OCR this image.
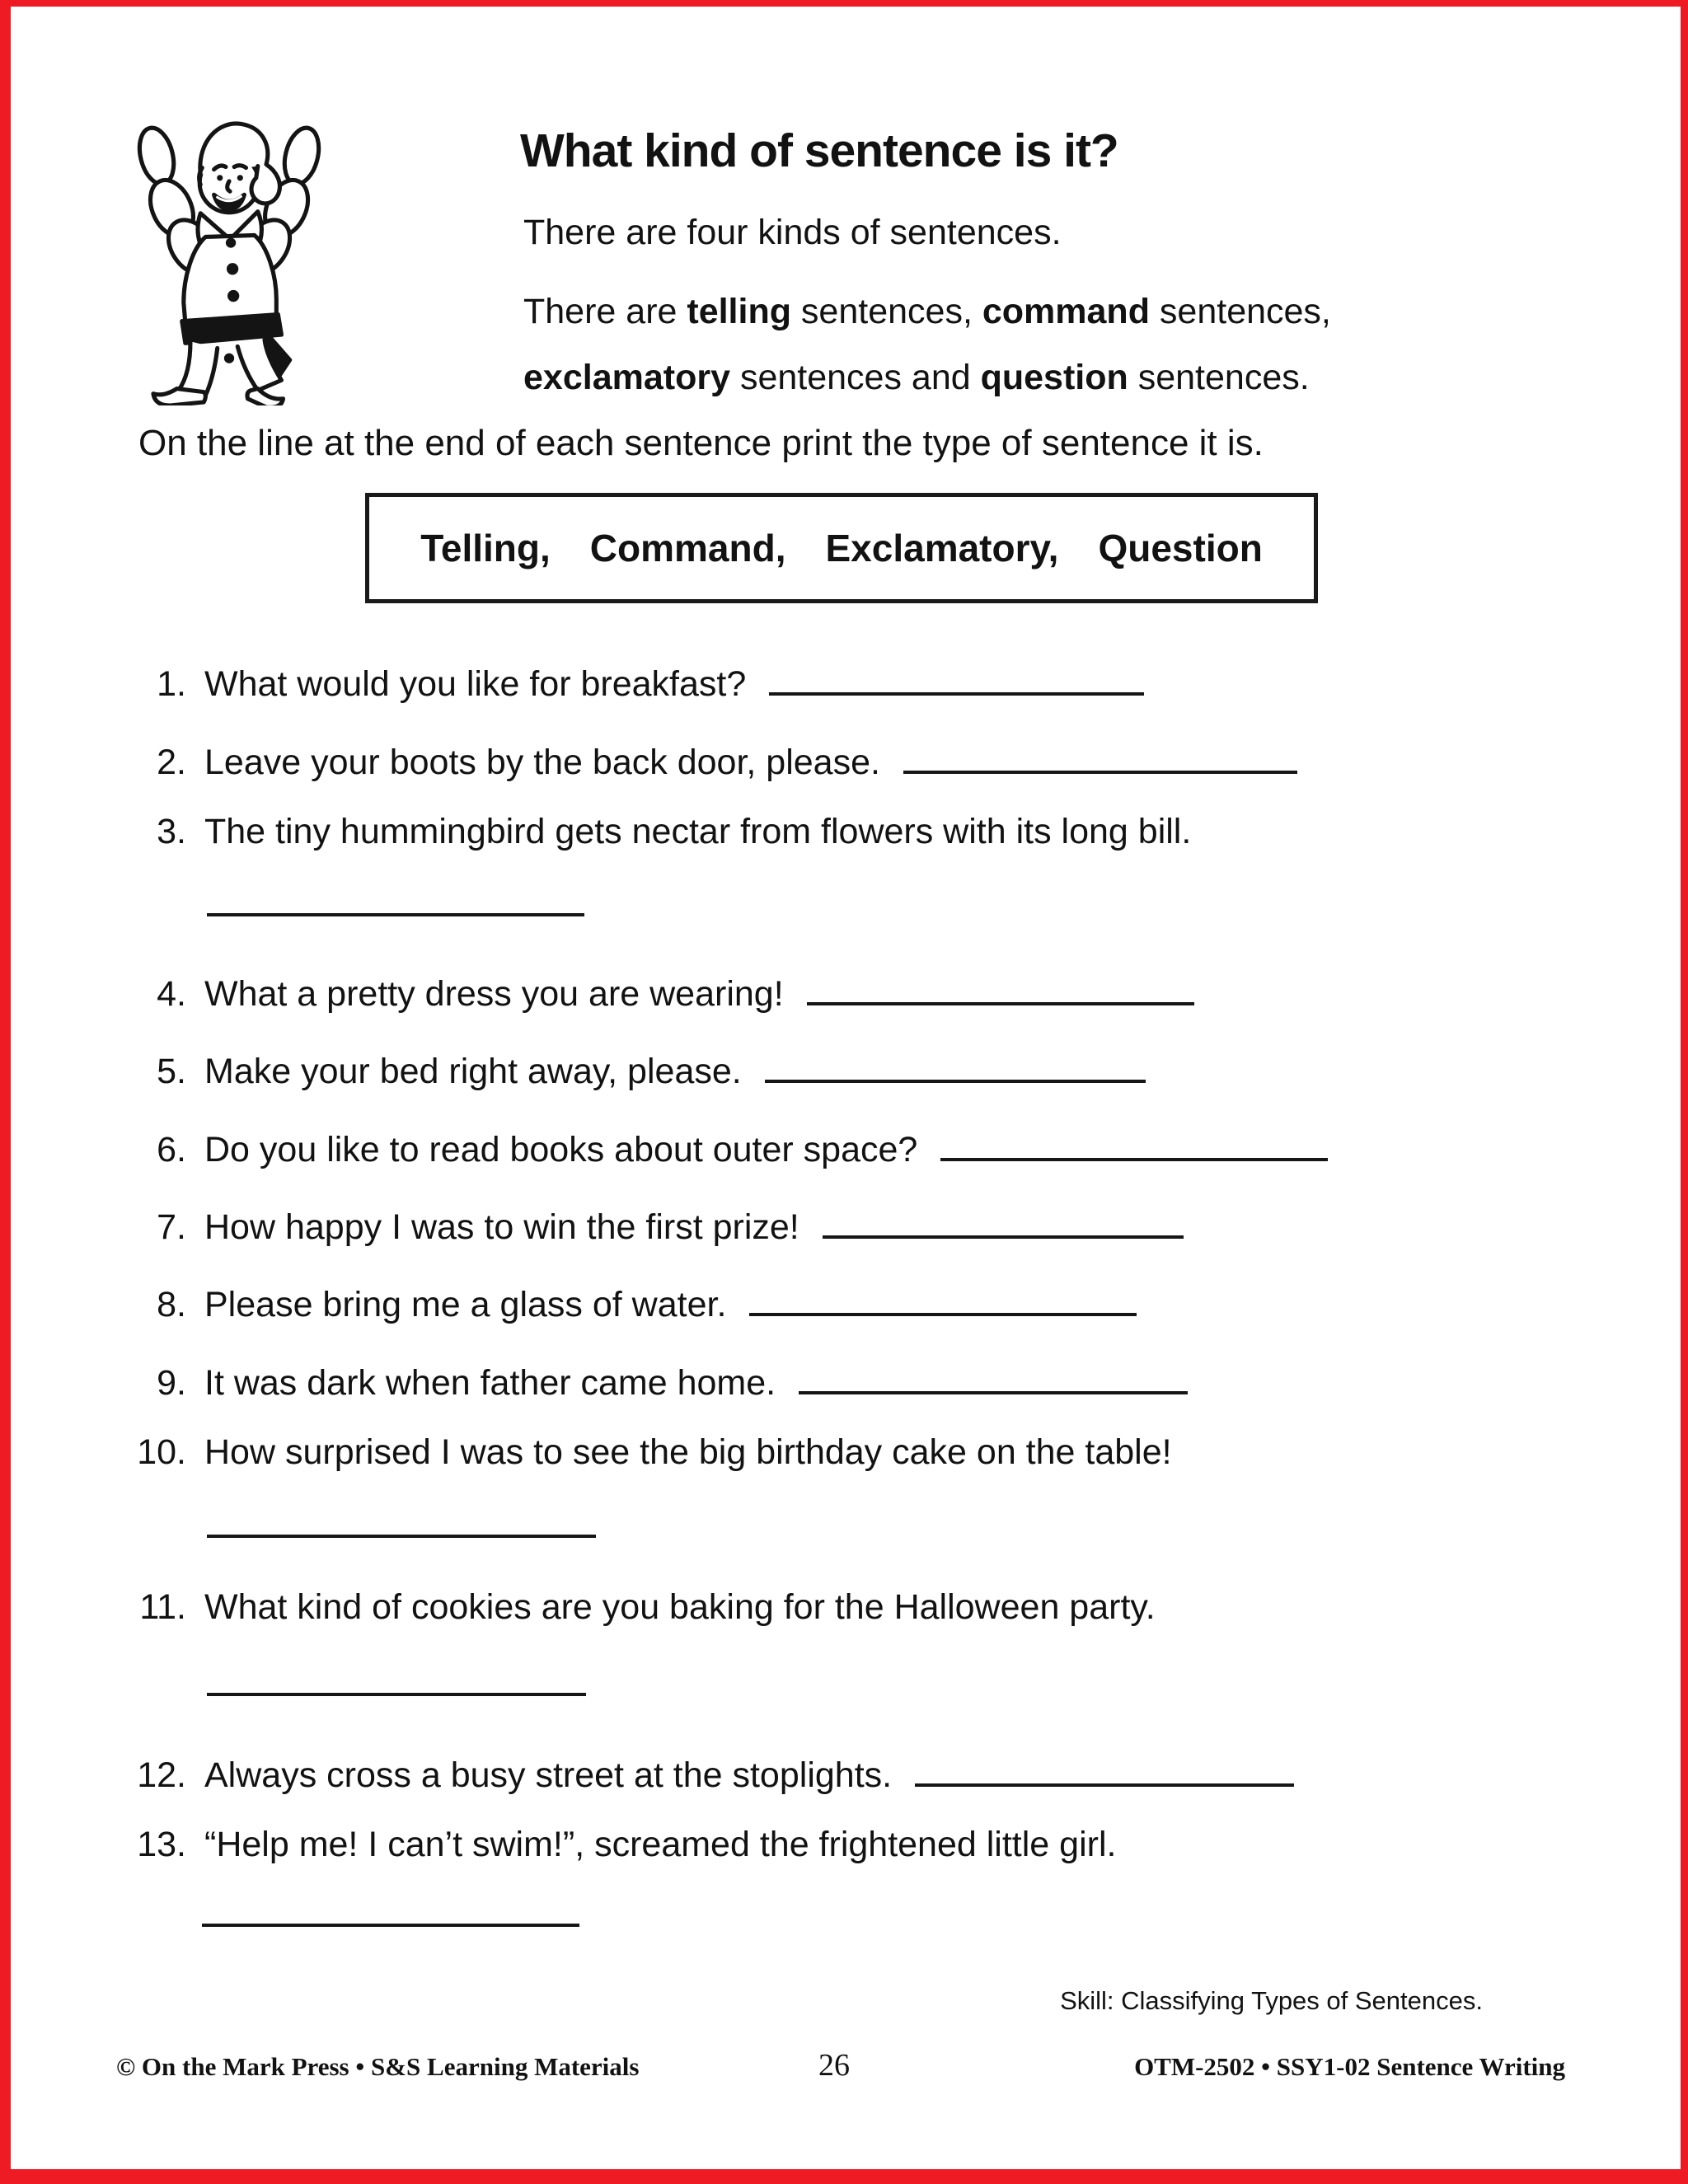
What kind of sentence is it?
There are four kinds of sentences.
There are telling sentences, command sentences,
exclamatory sentences and question sentences.
On the line at the end of each sentence print the type of sentence it is.
Telling, Command, Exclamatory, Question
1. What would you like for breakfast?
2. Leave your boots by the back door, please.
3. The tiny hummingbird gets nectar from flowers with its long bill.
4. What a pretty dress you are wearing!
5. Make your bed right away, please.
6. Do you like to read books about outer space?
7. How happy I was to win the first prize!
8. Please bring me a glass of water.
9. It was dark when father came home.
10. How surprised I was to see the big birthday cake on the table!
11. What kind of cookies are you baking for the Halloween party.
12. Always cross a busy street at the stoplights.
13. “Help me! I can’t swim!”, screamed the frightened little girl.
Skill: Classifying Types of Sentences.
© On the Mark Press • S&S Learning Materials	26	OTM-2502 • SSY1-02 Sentence Writing
